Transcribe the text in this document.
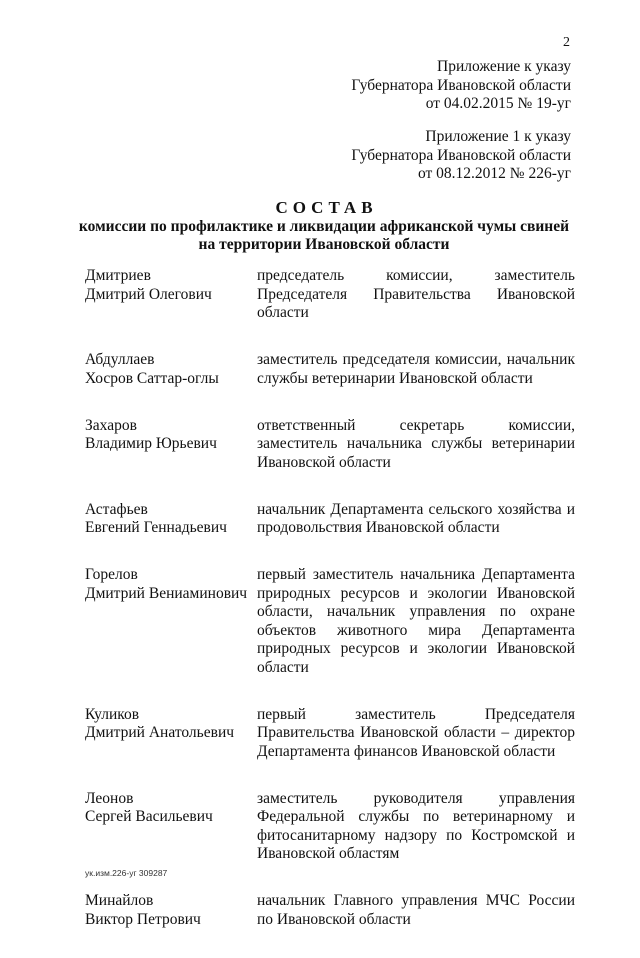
2
Приложение к указу
Губернатора Ивановской области
от 04.02.2015 № 19-уг
Приложение 1 к указу
Губернатора Ивановской области
от 08.12.2012 № 226-уг
СОСТАВ
комиссии по профилактике и ликвидации африканской чумы свиней
на территории Ивановской области
Дмитриев
Дмитрий Олегович
председатель комиссии, заместитель Председателя Правительства Ивановской области
Абдуллаев
Хосров Саттар-оглы
заместитель председателя комиссии, начальник службы ветеринарии Ивановской области
Захаров
Владимир Юрьевич
ответственный секретарь комиссии, заместитель начальника службы ветеринарии Ивановской области
Астафьев
Евгений Геннадьевич
начальник Департамента сельского хозяйства и продовольствия Ивановской области
Горелов
Дмитрий Вениаминович
первый заместитель начальника Департамента природных ресурсов и экологии Ивановской области, начальник управления по охране объектов животного мира Департамента природных ресурсов и экологии Ивановской области
Куликов
Дмитрий Анатольевич
первый заместитель Председателя Правительства Ивановской области – директор Департамента финансов Ивановской области
Леонов
Сергей Васильевич
заместитель руководителя управления Федеральной службы по ветеринарному и фитосанитарному надзору по Костромской и Ивановской областям
Минайлов
Виктор Петрович
начальник Главного управления МЧС России по Ивановской области
ук.изм.226-уг 309287
